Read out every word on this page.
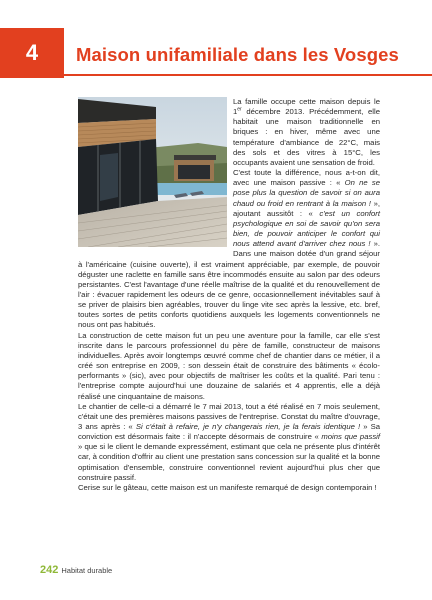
4 Maison unifamiliale dans les Vosges

La famille occupe cette maison depuis le 1er décembre 2013. Précédemment, elle habitait une maison traditionnelle en briques : en hiver, même avec une température d'ambiance de 22°C, mais des sols et des vitres à 15°C, les occupants avaient une sensation de froid.

C'est toute la différence, nous a-t-on dit, avec une maison passive : « On ne se pose plus la question de savoir si on aura chaud ou froid en rentrant à la maison ! », ajoutant aussitôt : « c'est un confort psychologique en soi de savoir qu'on sera bien, de pouvoir anticiper le confort qui nous attend avant d'arriver chez nous ! ». Dans une maison dotée d'un grand séjour à l'américaine (cuisine ouverte), il est vraiment appréciable, par exemple, de pouvoir déguster une raclette en famille sans être incommodés ensuite au salon par des odeurs persistantes. C'est l'avantage d'une réelle maîtrise de la qualité et du renouvellement de l'air : évacuer rapidement les odeurs de ce genre, occasionnellement inévitables sauf à se priver de plaisirs bien agréables, trouver du linge vite sec après la lessive, etc. bref, toutes sortes de petits conforts quotidiens auxquels les logements conventionnels ne nous ont pas habitués.

La construction de cette maison fut un peu une aventure pour la famille, car elle s'est inscrite dans le parcours professionnel du père de famille, constructeur de maisons individuelles. Après avoir longtemps œuvré comme chef de chantier dans ce métier, il a créé son entreprise en 2009, : son dessein était de construire des bâtiments « écolo-performants » (sic), avec pour objectifs de maîtriser les coûts et la qualité. Pari tenu : l'entreprise compte aujourd'hui une douzaine de salariés et 4 apprentis, elle a déjà réalisé une cinquantaine de maisons.

Le chantier de celle-ci a démarré le 7 mai 2013, tout a été réalisé en 7 mois seulement, c'était une des premières maisons passives de l'entreprise. Constat du maître d'ouvrage, 3 ans après : « Si c'était à refaire, je n'y changerais rien, je la ferais identique ! » Sa conviction est désormais faite : il n'accepte désormais de construire « moins que passif » que si le client le demande expressément, estimant que cela ne présente plus d'intérêt car, à condition d'offrir au client une prestation sans concession sur la qualité et la bonne optimisation d'ensemble, construire conventionnel revient aujourd'hui plus cher que construire passif.

Cerise sur le gâteau, cette maison est un manifeste remarqué de design contemporain !

242 Habitat durable
